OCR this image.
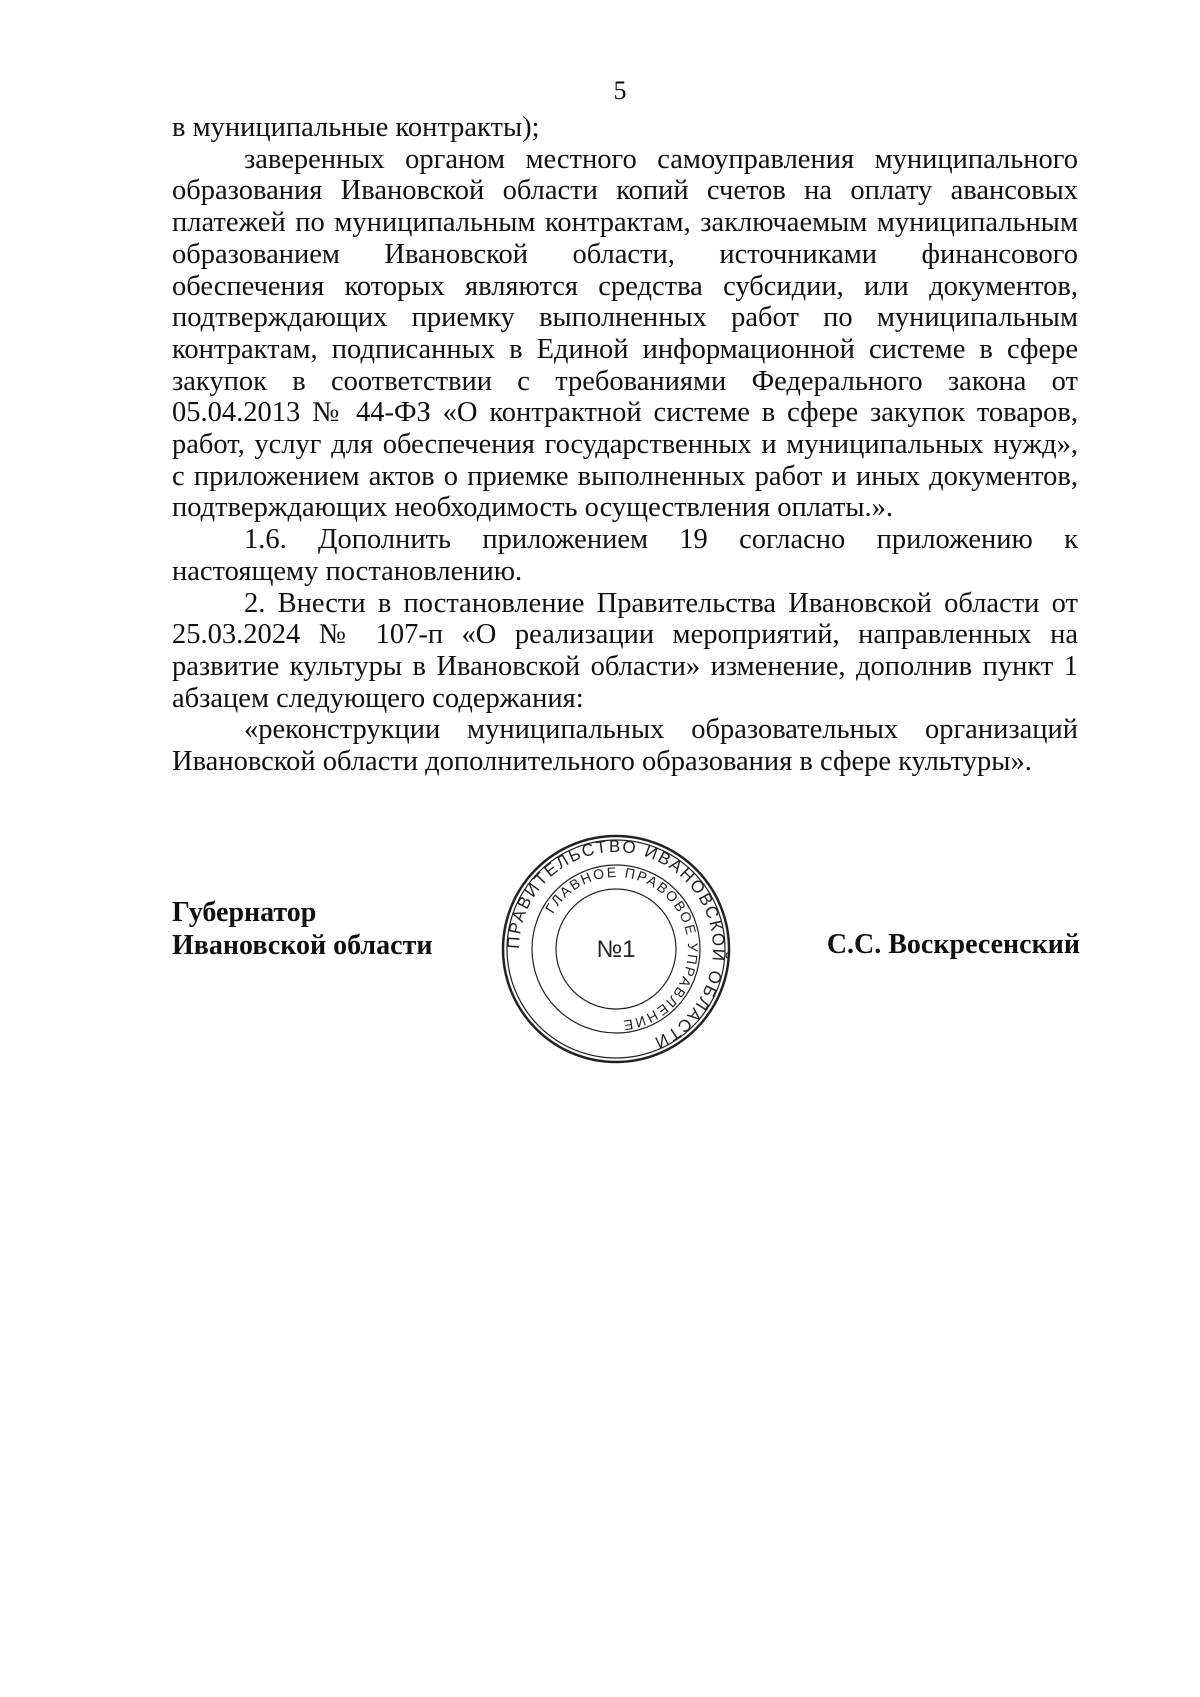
5

в муниципальные контракты);

заверенных органом местного самоуправления муниципального образования Ивановской области копий счетов на оплату авансовых платежей по муниципальным контрактам, заключаемым муниципальным образованием Ивановской области, источниками финансового обеспечения которых являются средства субсидии, или документов, подтверждающих приемку выполненных работ по муниципальным контрактам, подписанных в Единой информационной системе в сфере закупок в соответствии с требованиями Федерального закона от 05.04.2013 № 44-ФЗ «О контрактной системе в сфере закупок товаров, работ, услуг для обеспечения государственных и муниципальных нужд», с приложением актов о приемке выполненных работ и иных документов, подтверждающих необходимость осуществления оплаты.».

1.6. Дополнить приложением 19 согласно приложению к настоящему постановлению.

2. Внести в постановление Правительства Ивановской области от 25.03.2024 № 107-п «О реализации мероприятий, направленных на развитие культуры в Ивановской области» изменение, дополнив пункт 1 абзацем следующего содержания:

«реконструкции муниципальных образовательных организаций Ивановской области дополнительного образования в сфере культуры».

Губернатор
Ивановской области	ПРАВИТЕЛЬСТВО ИВАНОВСКОЙ ОБЛАСТИ
ГЛАВНОЕ ПРАВОВОЕ УПРАВЛЕНИЕ
№1	С.С. Воскресенский
